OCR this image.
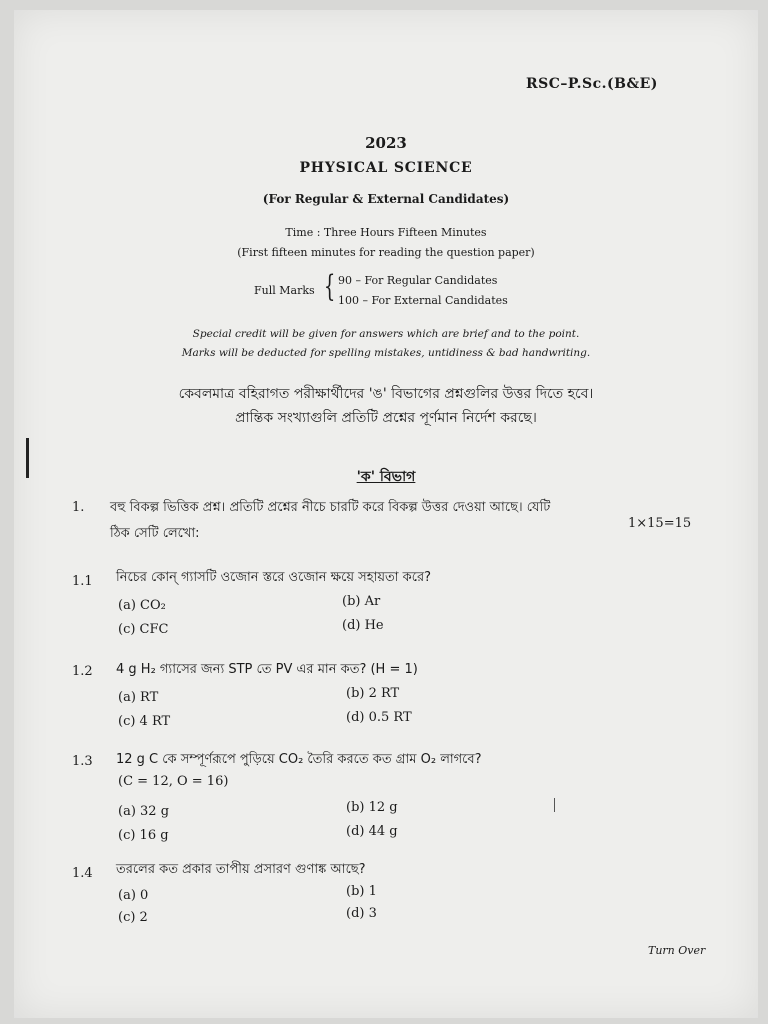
RSC–P.Sc.(B&E)
2023
PHYSICAL SCIENCE
(For Regular & External Candidates)
Time : Three Hours Fifteen Minutes
(First fifteen minutes for reading the question paper)
Full Marks { 90 – For Regular Candidates
100 – For External Candidates
Special credit will be given for answers which are brief and to the point.
Marks will be deducted for spelling mistakes, untidiness & bad handwriting.
কেবলমাত্র বহিরাগত পরীক্ষার্থীদের 'ঙ' বিভাগের প্রশ্নগুলির উত্তর দিতে হবে।
প্রান্তিক সংখ্যাগুলি প্রতিটি প্রশ্নের পূর্ণমান নির্দেশ করছে।
'ক' বিভাগ
1. বহু বিকল্প ভিত্তিক প্রশ্ন। প্রতিটি প্রশ্নের নীচে চারটি করে বিকল্প উত্তর দেওয়া আছে। যেটি
ঠিক সেটি লেখো:
1×15=15
1.1 নিচের কোন্ গ্যাসটি ওজোন স্তরে ওজোন ক্ষয়ে সহায়তা করে?
(a) CO₂	(b) Ar
(c) CFC	(d) He
1.2 4 g H₂ গ্যাসের জন্য STP তে PV এর মান কত? (H = 1)
(a) RT	(b) 2 RT
(c) 4 RT	(d) 0.5 RT
1.3 12 g C কে সম্পূর্ণরূপে পুড়িয়ে CO₂ তৈরি করতে কত গ্রাম O₂ লাগবে?
(C = 12, O = 16)
(a) 32 g	(b) 12 g
(c) 16 g	(d) 44 g
1.4 তরলের কত প্রকার তাপীয় প্রসারণ গুণাঙ্ক আছে?
(a) 0	(b) 1
(c) 2	(d) 3
Turn Over
